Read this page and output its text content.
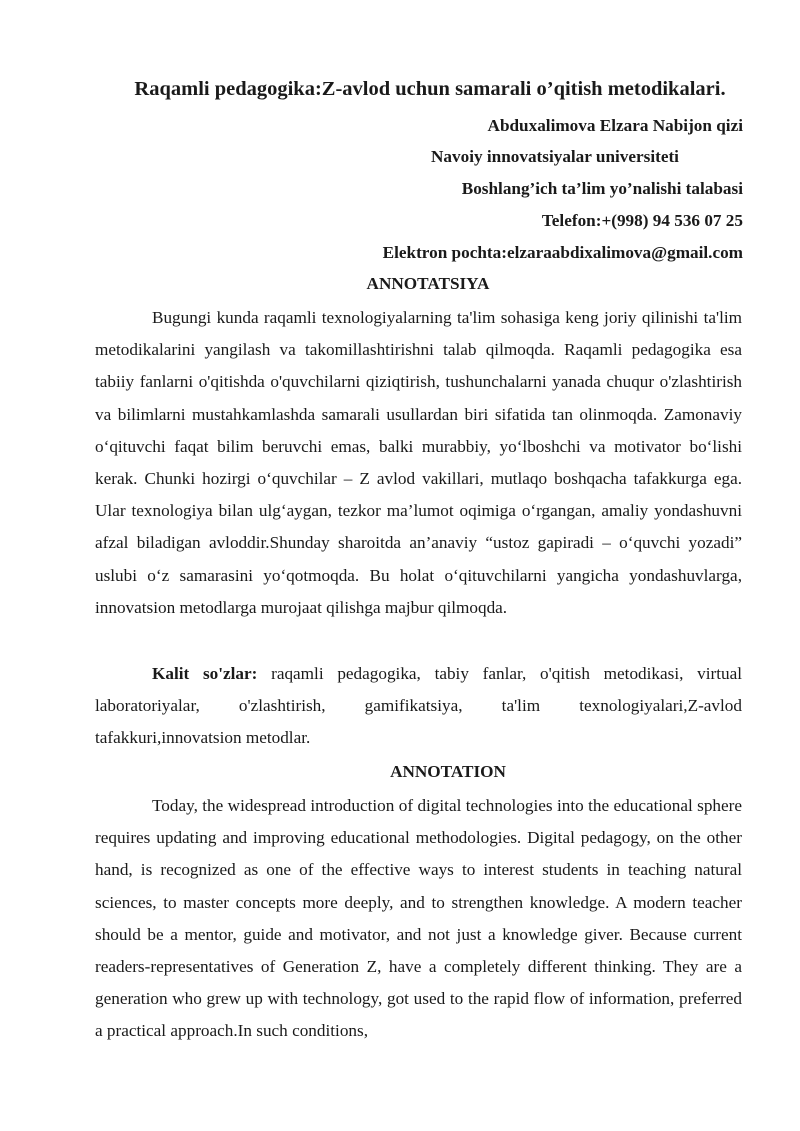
Raqamli pedagogika:Z-avlod uchun samarali o’qitish metodikalari.
Abduxalimova Elzara Nabijon qizi
Navoiy innovatsiyalar universiteti
Boshlang’ich ta’lim yo’nalishi talabasi
Telefon:+(998) 94 536 07 25
Elektron pochta:elzaraabdixalimova@gmail.com
ANNOTATSIYA

Bugungi kunda raqamli texnologiyalarning ta'lim sohasiga keng joriy qilinishi ta'lim metodikalarini yangilash va takomillashtirishni talab qilmoqda. Raqamli pedagogika esa tabiiy fanlarni o'qitishda o'quvchilarni qiziqtirish, tushunchalarni yanada chuqur o'zlashtirish va bilimlarni mustahkamlashda samarali usullardan biri sifatida tan olinmoqda. Zamonaviy o‘qituvchi faqat bilim beruvchi emas, balki murabbiy, yo‘lboshchi va motivator bo‘lishi kerak. Chunki hozirgi o‘quvchilar – Z avlod vakillari, mutlaqo boshqacha tafakkurga ega. Ular texnologiya bilan ulg‘aygan, tezkor ma’lumot oqimiga o‘rgangan, amaliy yondashuvni afzal biladigan avloddir.Shunday sharoitda an’anaviy “ustoz gapiradi – o‘quvchi yozadi” uslubi o‘z samarasini yo‘qotmoqda. Bu holat o‘qituvchilarni yangicha yondashuvlarga, innovatsion metodlarga murojaat qilishga majbur qilmoqda.

Kalit so'zlar: raqamli pedagogika, tabiy fanlar, o'qitish metodikasi, virtual laboratoriyalar, o'zlashtirish, gamifikatsiya, ta'lim texnologiyalari,Z-avlod tafakkuri,innovatsion metodlar.

ANNOTATION

Today, the widespread introduction of digital technologies into the educational sphere requires updating and improving educational methodologies. Digital pedagogy, on the other hand, is recognized as one of the effective ways to interest students in teaching natural sciences, to master concepts more deeply, and to strengthen knowledge. A modern teacher should be a mentor, guide and motivator, and not just a knowledge giver. Because current readers-representatives of Generation Z, have a completely different thinking. They are a generation who grew up with technology, got used to the rapid flow of information, preferred a practical approach.In such conditions,
